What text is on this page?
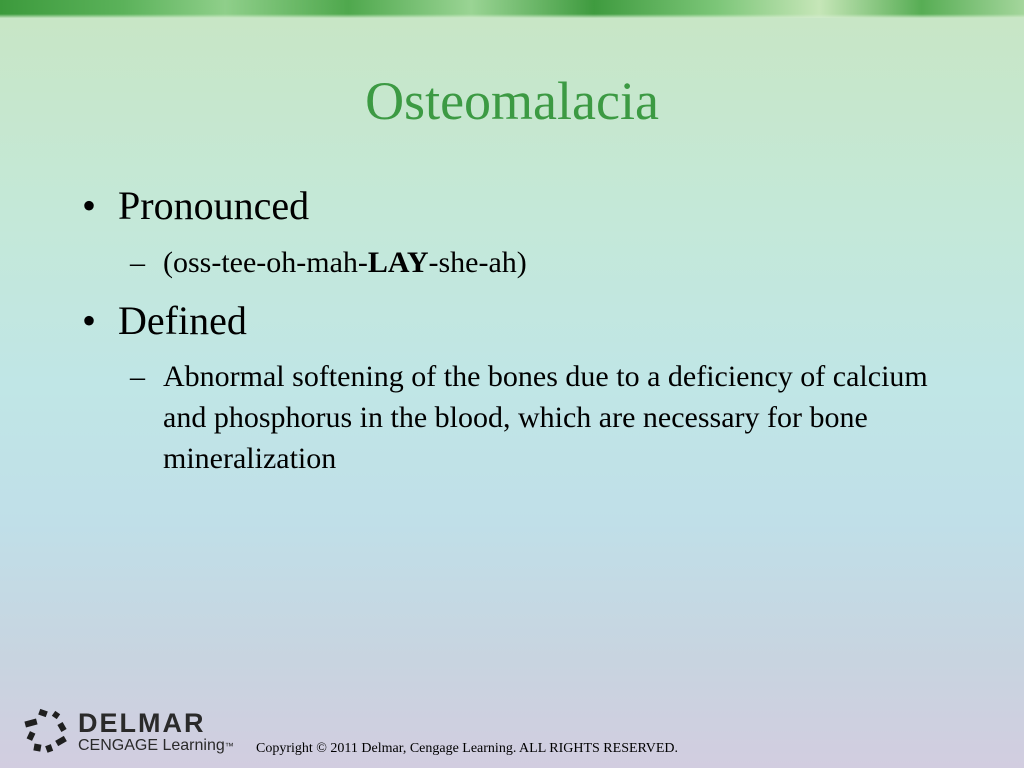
Osteomalacia
• Pronounced
– (oss-tee-oh-mah-LAY-she-ah)
• Defined
– Abnormal softening of the bones due to a deficiency of calcium and phosphorus in the blood, which are necessary for bone mineralization
DELMAR
CENGAGE Learning™ Copyright © 2011 Delmar, Cengage Learning. ALL RIGHTS RESERVED.
